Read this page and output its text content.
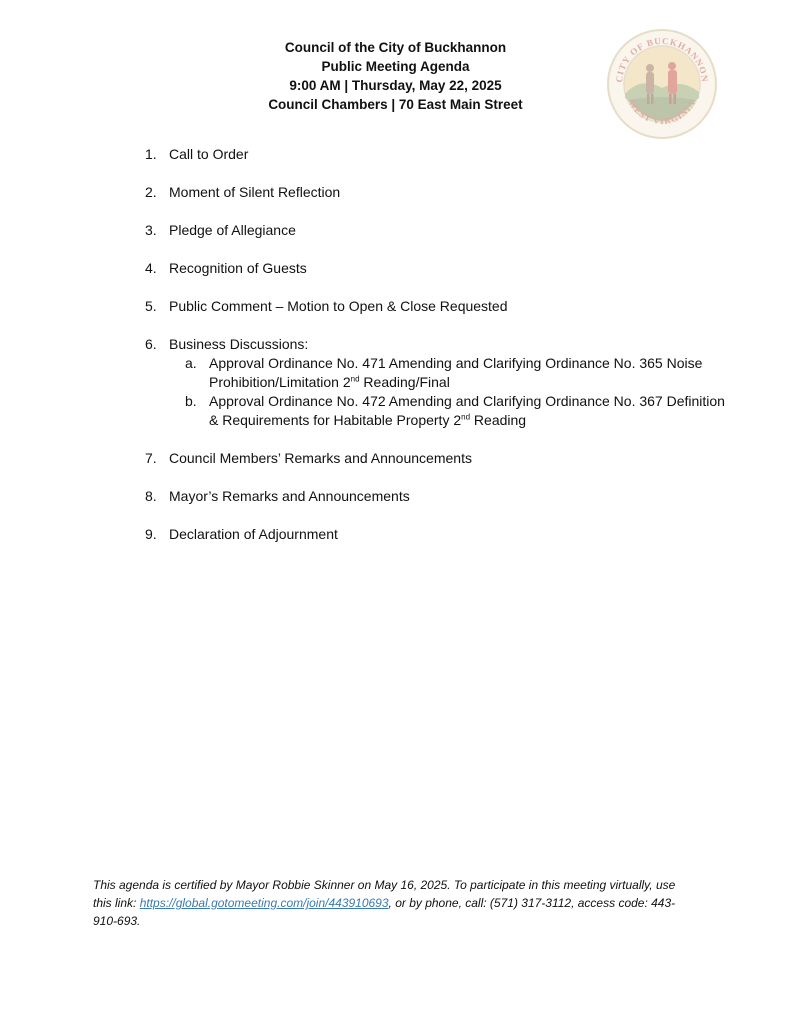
Council of the City of Buckhannon
Public Meeting Agenda
9:00 AM | Thursday, May 22, 2025
Council Chambers | 70 East Main Street
CITY OF BUCKHANNON
WEST VIRGINIA
1. Call to Order
2. Moment of Silent Reflection
3. Pledge of Allegiance
4. Recognition of Guests
5. Public Comment – Motion to Open & Close Requested
6. Business Discussions:
a. Approval Ordinance No. 471 Amending and Clarifying Ordinance No. 365 Noise Prohibition/Limitation 2nd Reading/Final
b. Approval Ordinance No. 472 Amending and Clarifying Ordinance No. 367 Definition & Requirements for Habitable Property 2nd Reading
7. Council Members’ Remarks and Announcements
8. Mayor’s Remarks and Announcements
9. Declaration of Adjournment
This agenda is certified by Mayor Robbie Skinner on May 16, 2025. To participate in this meeting virtually, use this link: https://global.gotomeeting.com/join/443910693, or by phone, call: (571) 317-3112, access code: 443-910-693.
